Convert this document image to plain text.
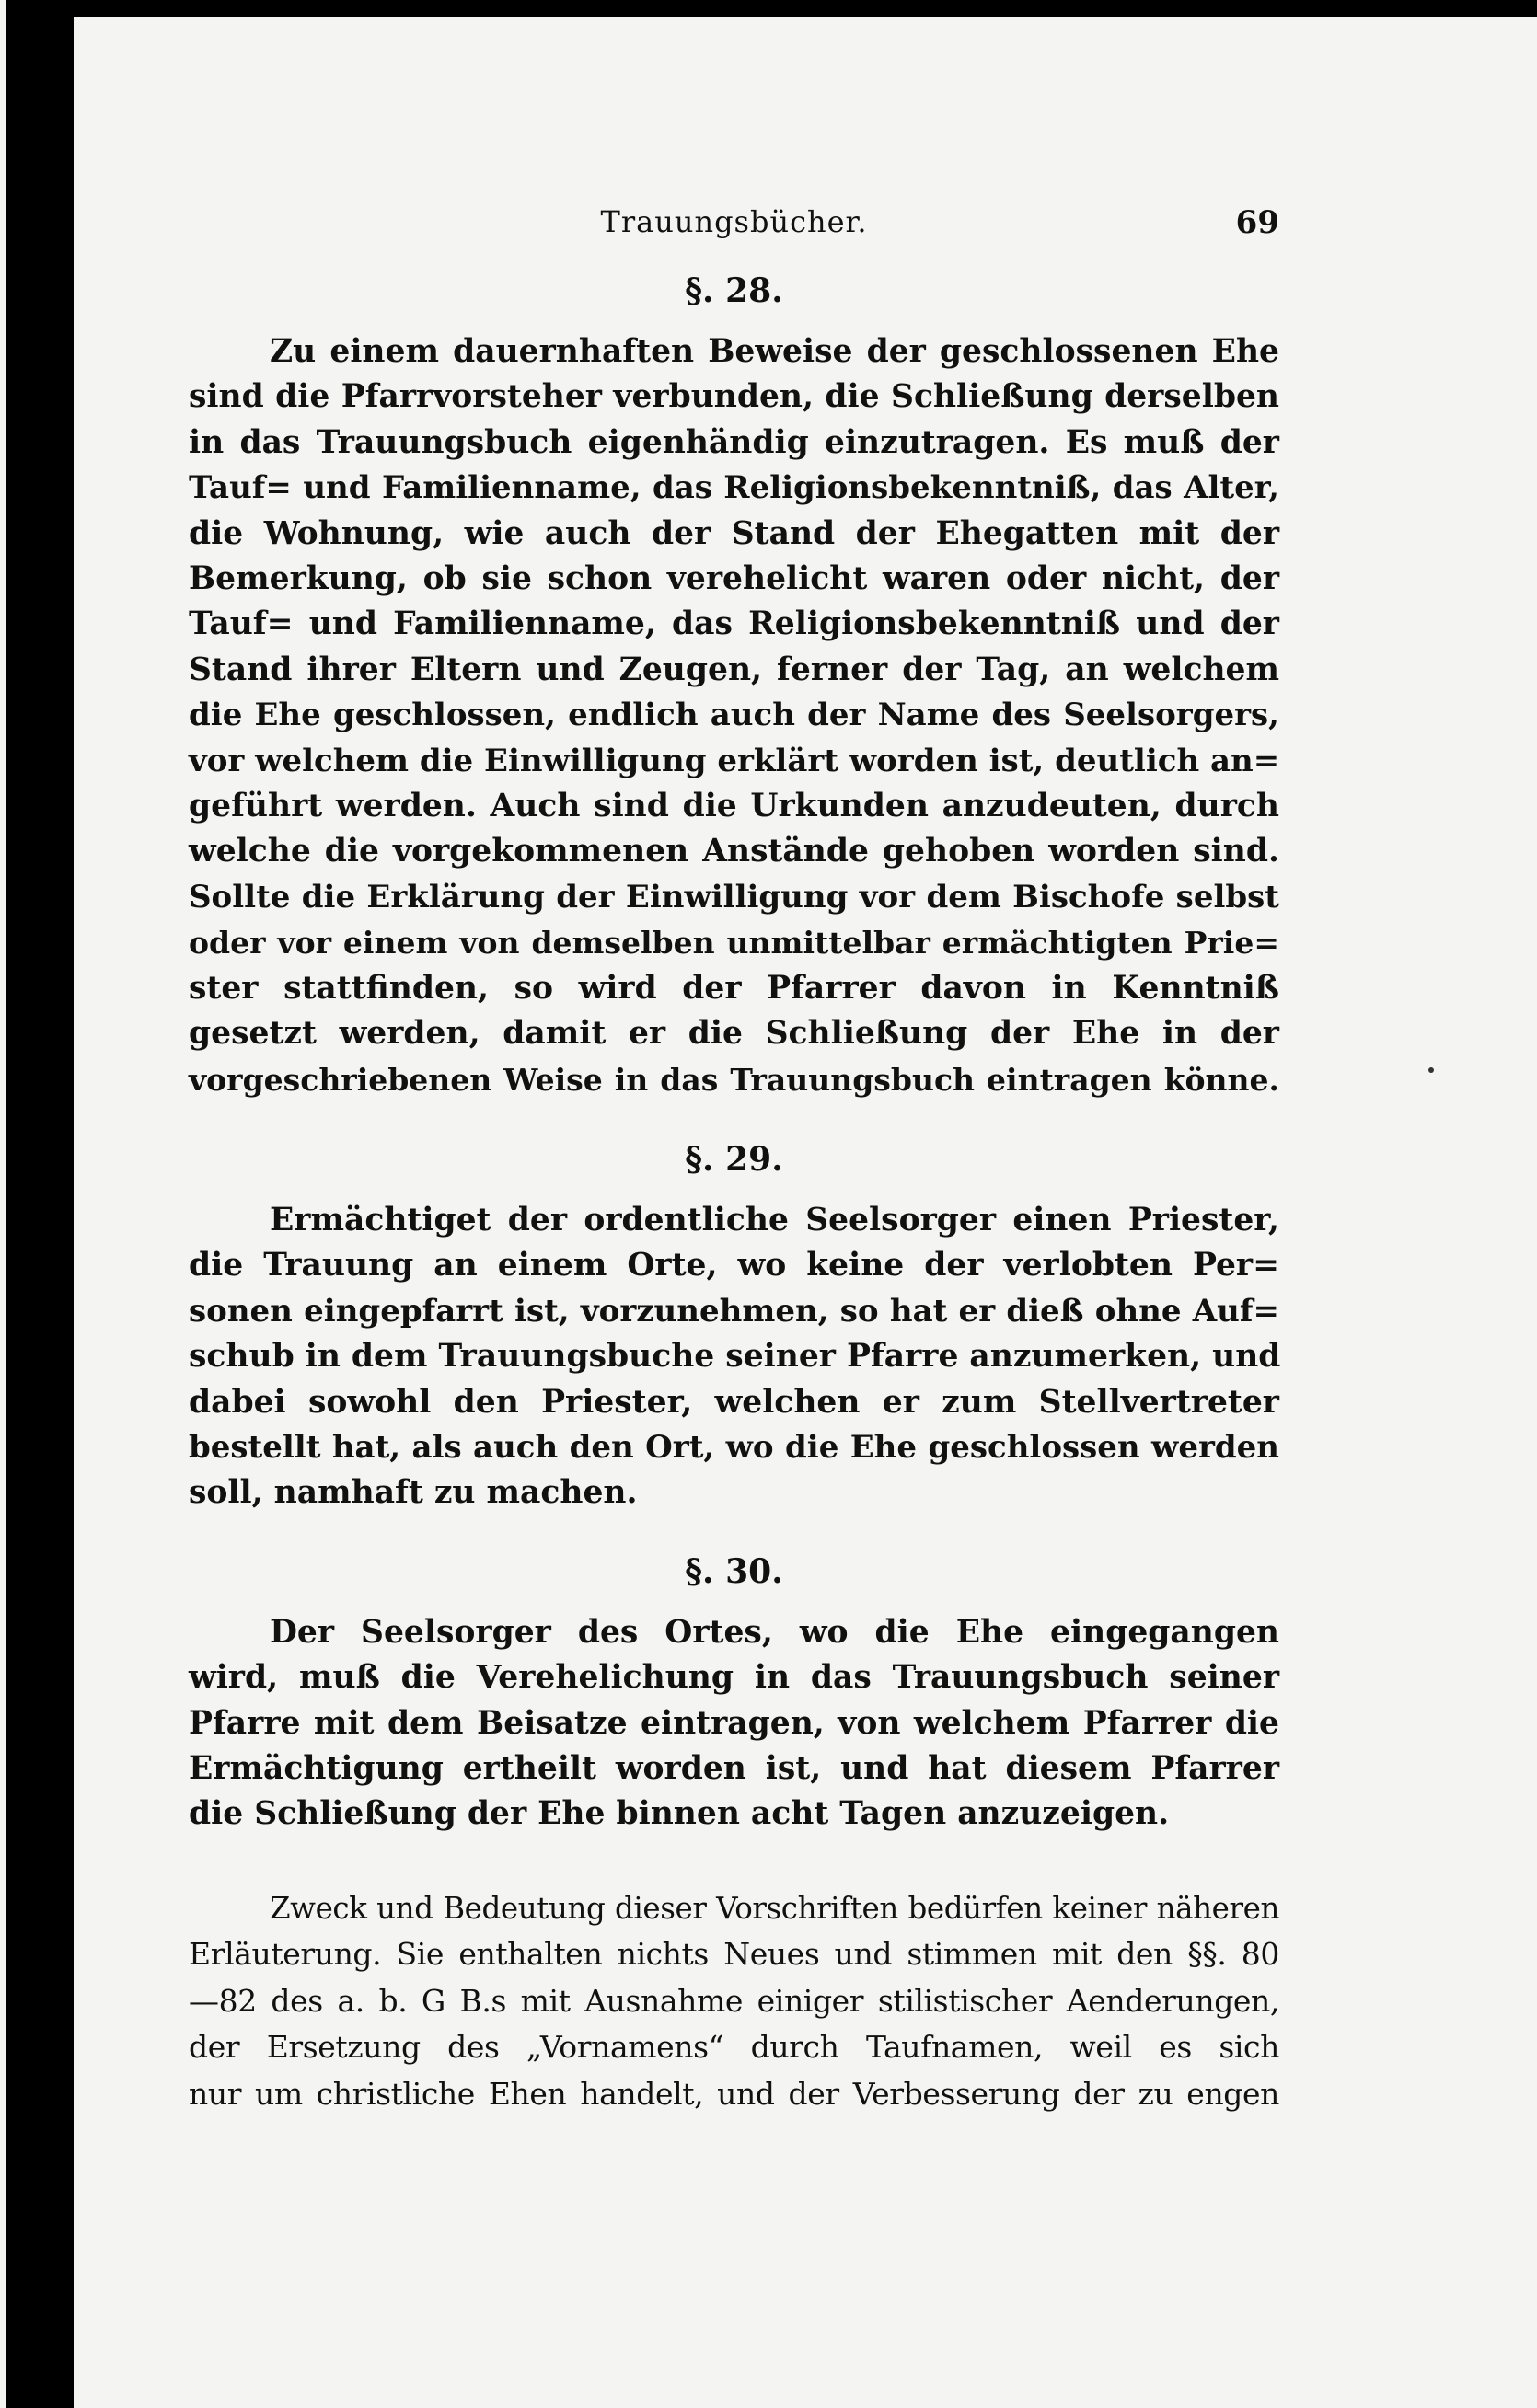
Trauungsbücher.	69
§. 28.
Zu einem dauernhaften Beweise der geschlossenen Ehe
sind die Pfarrvorsteher verbunden, die Schließung derselben
in das Trauungsbuch eigenhändig einzutragen. Es muß der
Tauf= und Familienname, das Religionsbekenntniß, das Alter,
die Wohnung, wie auch der Stand der Ehegatten mit der
Bemerkung, ob sie schon verehelicht waren oder nicht, der
Tauf= und Familienname, das Religionsbekenntniß und der
Stand ihrer Eltern und Zeugen, ferner der Tag, an welchem
die Ehe geschlossen, endlich auch der Name des Seelsorgers,
vor welchem die Einwilligung erklärt worden ist, deutlich an=
geführt werden. Auch sind die Urkunden anzudeuten, durch
welche die vorgekommenen Anstände gehoben worden sind.
Sollte die Erklärung der Einwilligung vor dem Bischofe selbst
oder vor einem von demselben unmittelbar ermächtigten Prie=
ster stattfinden, so wird der Pfarrer davon in Kenntniß
gesetzt werden, damit er die Schließung der Ehe in der
vorgeschriebenen Weise in das Trauungsbuch eintragen könne.
§. 29.
Ermächtiget der ordentliche Seelsorger einen Priester,
die Trauung an einem Orte, wo keine der verlobten Per=
sonen eingepfarrt ist, vorzunehmen, so hat er dieß ohne Auf=
schub in dem Trauungsbuche seiner Pfarre anzumerken, und
dabei sowohl den Priester, welchen er zum Stellvertreter
bestellt hat, als auch den Ort, wo die Ehe geschlossen werden
soll, namhaft zu machen.
§. 30.
Der Seelsorger des Ortes, wo die Ehe eingegangen
wird, muß die Verehelichung in das Trauungsbuch seiner
Pfarre mit dem Beisatze eintragen, von welchem Pfarrer die
Ermächtigung ertheilt worden ist, und hat diesem Pfarrer
die Schließung der Ehe binnen acht Tagen anzuzeigen.
Zweck und Bedeutung dieser Vorschriften bedürfen keiner näheren
Erläuterung. Sie enthalten nichts Neues und stimmen mit den §§. 80
—82 des a. b. G B.s mit Ausnahme einiger stilistischer Aenderungen,
der Ersetzung des „Vornamens“ durch Taufnamen, weil es sich
nur um christliche Ehen handelt, und der Verbesserung der zu engen
